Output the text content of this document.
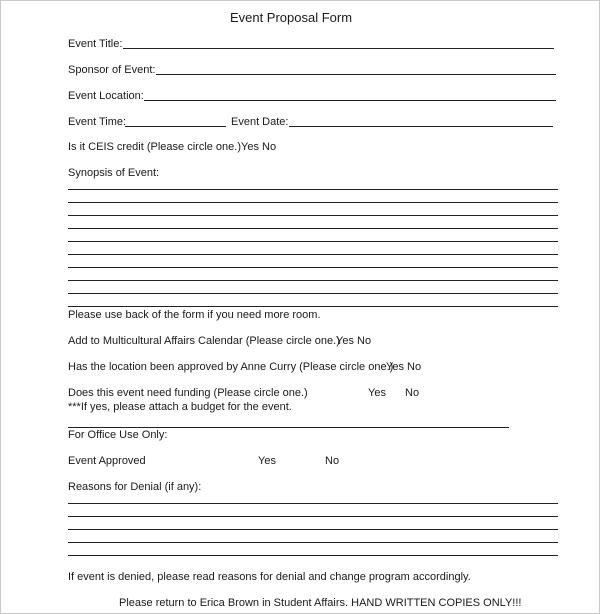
Event Proposal Form
Event Title:
Sponsor of Event:
Event Location:
Event Time:	Event Date:
Is it CEIS credit (Please circle one.) Yes No
Synopsis of Event:
Please use back of the form if you need more room.
Add to Multicultural Affairs Calendar (Please circle one.)
Yes No
Has the location been approved by Anne Curry (Please circle one.)
Yes No
Does this event need funding (Please circle one.)	Yes No
***If yes, please attach a budget for the event.
For Office Use Only:
Event Approved	Yes	No
Reasons for Denial (if any):
If event is denied, please read reasons for denial and change program accordingly.
Please return to Erica Brown in Student Affairs. HAND WRITTEN COPIES ONLY!!!
